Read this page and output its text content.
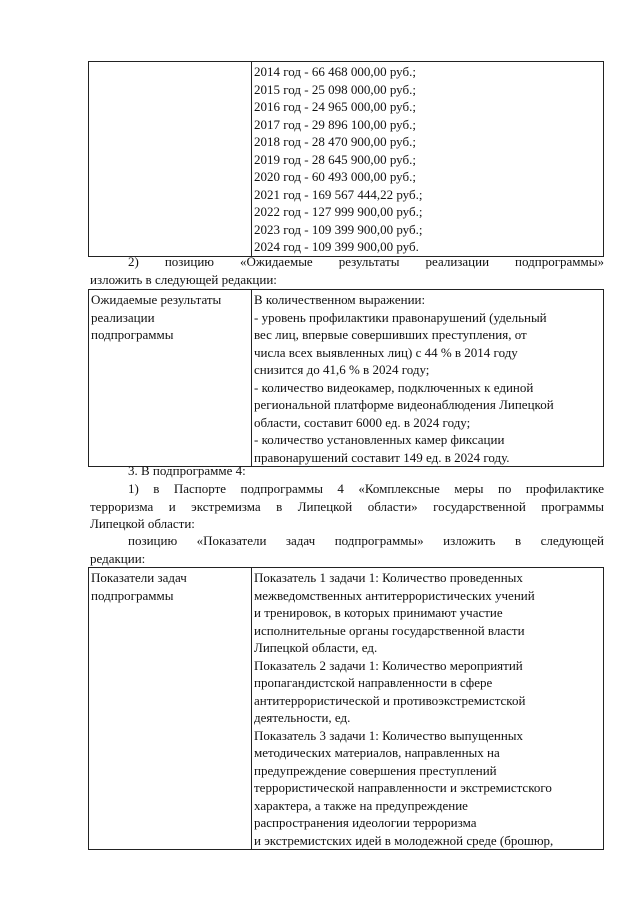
2014 год - 66 468 000,00 руб.;
2015 год - 25 098 000,00 руб.;
2016 год - 24 965 000,00 руб.;
2017 год - 29 896 100,00 руб.;
2018 год - 28 470 900,00 руб.;
2019 год - 28 645 900,00 руб.;
2020 год - 60 493 000,00 руб.;
2021 год - 169 567 444,22 руб.;
2022 год - 127 999 900,00 руб.;
2023 год - 109 399 900,00 руб.;
2024 год - 109 399 900,00 руб.
2) позицию «Ожидаемые результаты реализации подпрограммы»
изложить в следующей редакции:
Ожидаемые результаты
реализации
подпрограммы

В количественном выражении:
- уровень профилактики правонарушений (удельный
вес лиц, впервые совершивших преступления, от
числа всех выявленных лиц) с 44 % в 2014 году
снизится до 41,6 % в 2024 году;
- количество видеокамер, подключенных к единой
региональной платформе видеонаблюдения Липецкой
области, составит 6000 ед. в 2024 году;
- количество установленных камер фиксации
правонарушений составит 149 ед. в 2024 году.
3. В подпрограмме 4:
1) в Паспорте подпрограммы 4 «Комплексные меры по профилактике
терроризма и экстремизма в Липецкой области» государственной программы
Липецкой области:
позицию «Показатели задач подпрограммы» изложить в следующей
редакции:
Показатели задач
подпрограммы

Показатель 1 задачи 1: Количество проведенных
межведомственных антитеррористических учений
и тренировок, в которых принимают участие
исполнительные органы государственной власти
Липецкой области, ед.
Показатель 2 задачи 1: Количество мероприятий
пропагандистской направленности в сфере
антитеррористической и противоэкстремистской
деятельности, ед.
Показатель 3 задачи 1: Количество выпущенных
методических материалов, направленных на
предупреждение совершения преступлений
террористической направленности и экстремистского
характера, а также на предупреждение
распространения идеологии терроризма
и экстремистских идей в молодежной среде (брошюр,
